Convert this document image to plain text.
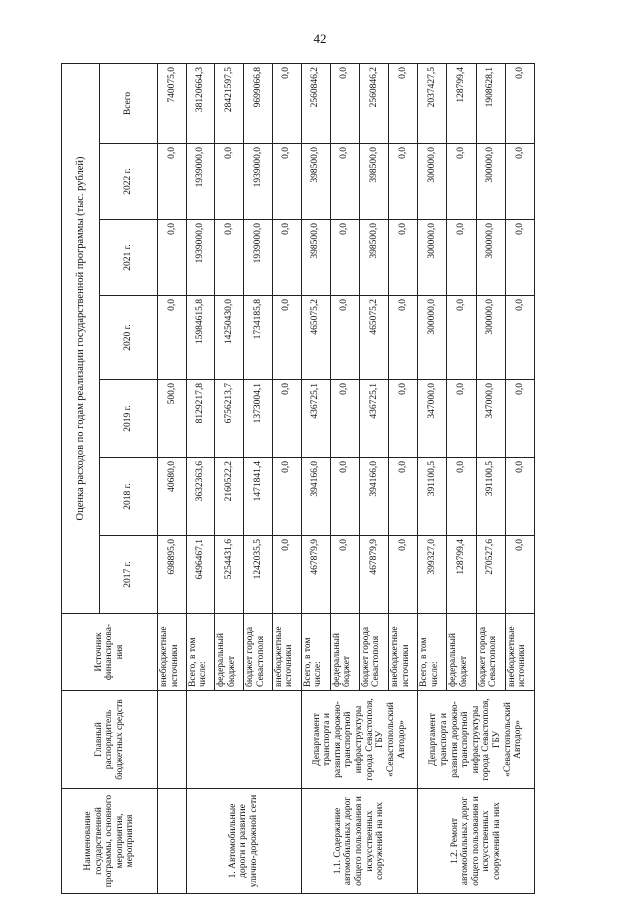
42
Наименование государственной программы, основного мероприятия, мероприятия	Главный распорядитель бюджетных средств	Источник финансирова-ния	Оценка расходов по годам реализации государственной программы (тыс. рублей)						
			2017 г.	2018 г.	2019 г.	2020 г.	2021 г.	2022 г.	Всего
		внебюджетные источники	698895,0	40680,0	500,0	0,0	0,0	0,0	740075,0
1. Автомобильные дороги и развитие улично-дорожной сети		Всего, в том числе:	6496467,1	3632363,6	8129217,8	15984615,8	1939000,0	1939000,0	38120664,3
		федеральный бюджет	5254431,6	2160522,2	6756213,7	14250430,0	0,0	0,0	28421597,5
		бюджет города Севастополя	1242035,5	1471841,4	1373004,1	1734185,8	1939000,0	1939000,0	9699066,8
		внебюджетные источники	0,0	0,0	0,0	0,0	0,0	0,0	0,0
1.1. Содержание автомобильных дорог общего пользования и искусственных сооружений на них	Департамент транспорта и развития дорожно-транспортной инфраструктуры города Севастополя, ГБУ «Севастопольский Автодор»	Всего, в том числе:	467879,9	394166,0	436725,1	465075,2	398500,0	398500,0	2560846,2
		федеральный бюджет	0,0	0,0	0,0	0,0	0,0	0,0	0,0
		бюджет города Севастополя	467879,9	394166,0	436725,1	465075,2	398500,0	398500,0	2560846,2
		внебюджетные источники	0,0	0,0	0,0	0,0	0,0	0,0	0,0
1.2. Ремонт автомобильных дорог общего пользования и искусственных сооружений на них	Департамент транспорта и развития дорожно-транспортной инфраструктуры города Севастополя, ГБУ «Севастопольский Автодор»	Всего, в том числе:	399327,0	391100,5	347000,0	300000,0	300000,0	300000,0	2037427,5
		федеральный бюджет	128799,4	0,0	0,0	0,0	0,0	0,0	128799,4
		бюджет города Севастополя	270527,6	391100,5	347000,0	300000,0	300000,0	300000,0	1908628,1
		внебюджетные источники	0,0	0,0	0,0	0,0	0,0	0,0	0,0
